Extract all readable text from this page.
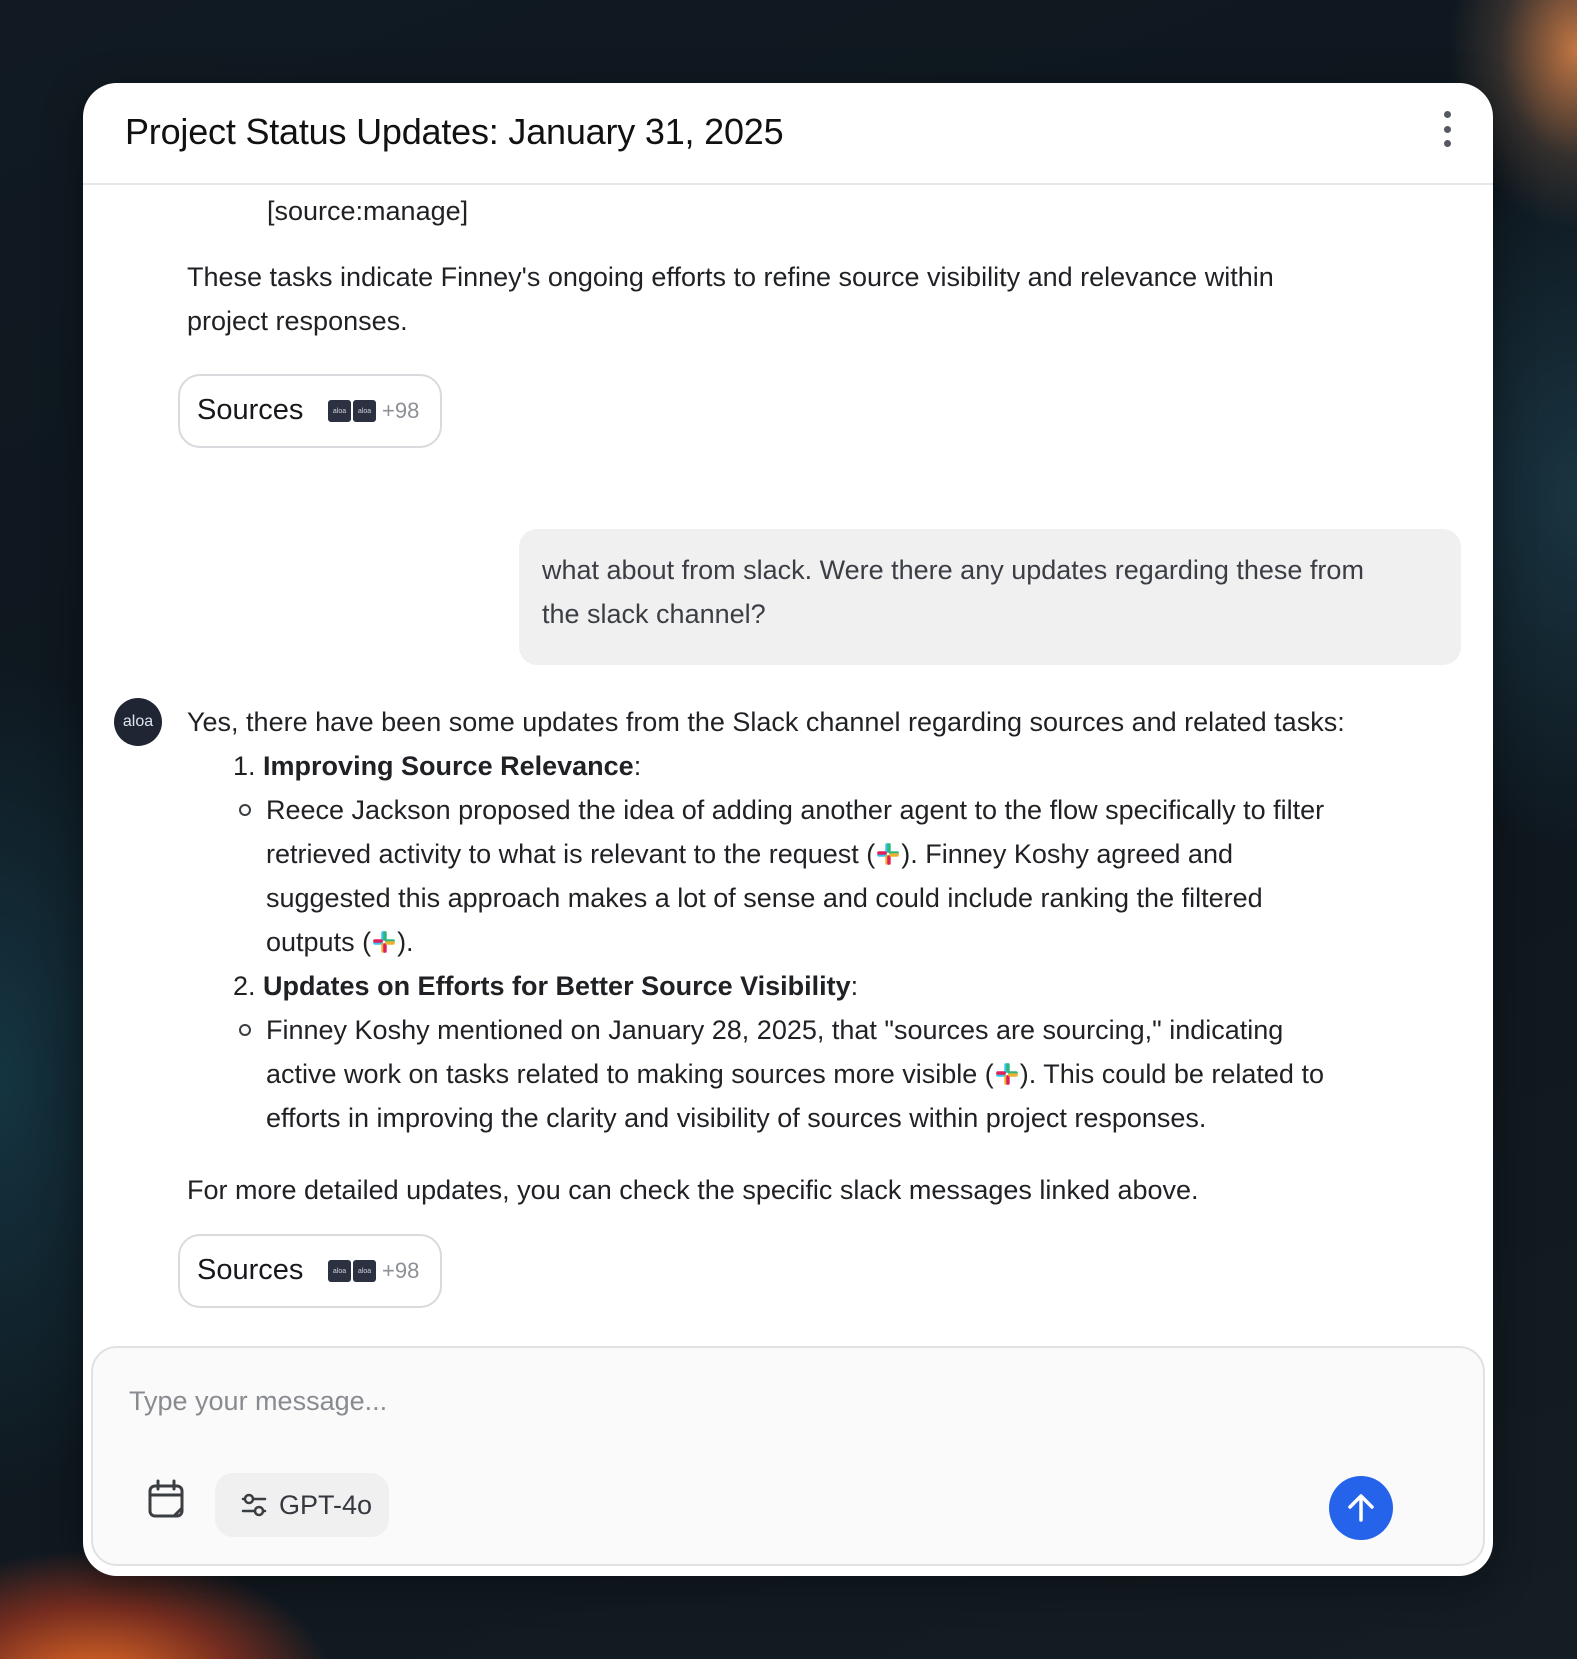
Project Status Updates: January 31, 2025
[source:manage]
These tasks indicate Finney's ongoing efforts to refine source visibility and relevance within
project responses.
Sources	aloa	aloa +98
what about from slack. Were there any updates regarding these from
the slack channel?
aloa Yes, there have been some updates from the Slack channel regarding sources and related tasks:
1. Improving Source Relevance:
Reece Jackson proposed the idea of adding another agent to the flow specifically to filter
retrieved activity to what is relevant to the request ( ). Finney Koshy agreed and
suggested this approach makes a lot of sense and could include ranking the filtered
outputs ( ).
2. Updates on Efforts for Better Source Visibility:
Finney Koshy mentioned on January 28, 2025, that "sources are sourcing," indicating
active work on tasks related to making sources more visible ( ). This could be related to
efforts in improving the clarity and visibility of sources within project responses.
For more detailed updates, you can check the specific slack messages linked above.
Sources	aloa	aloa +98
Type your message...
GPT-4o
